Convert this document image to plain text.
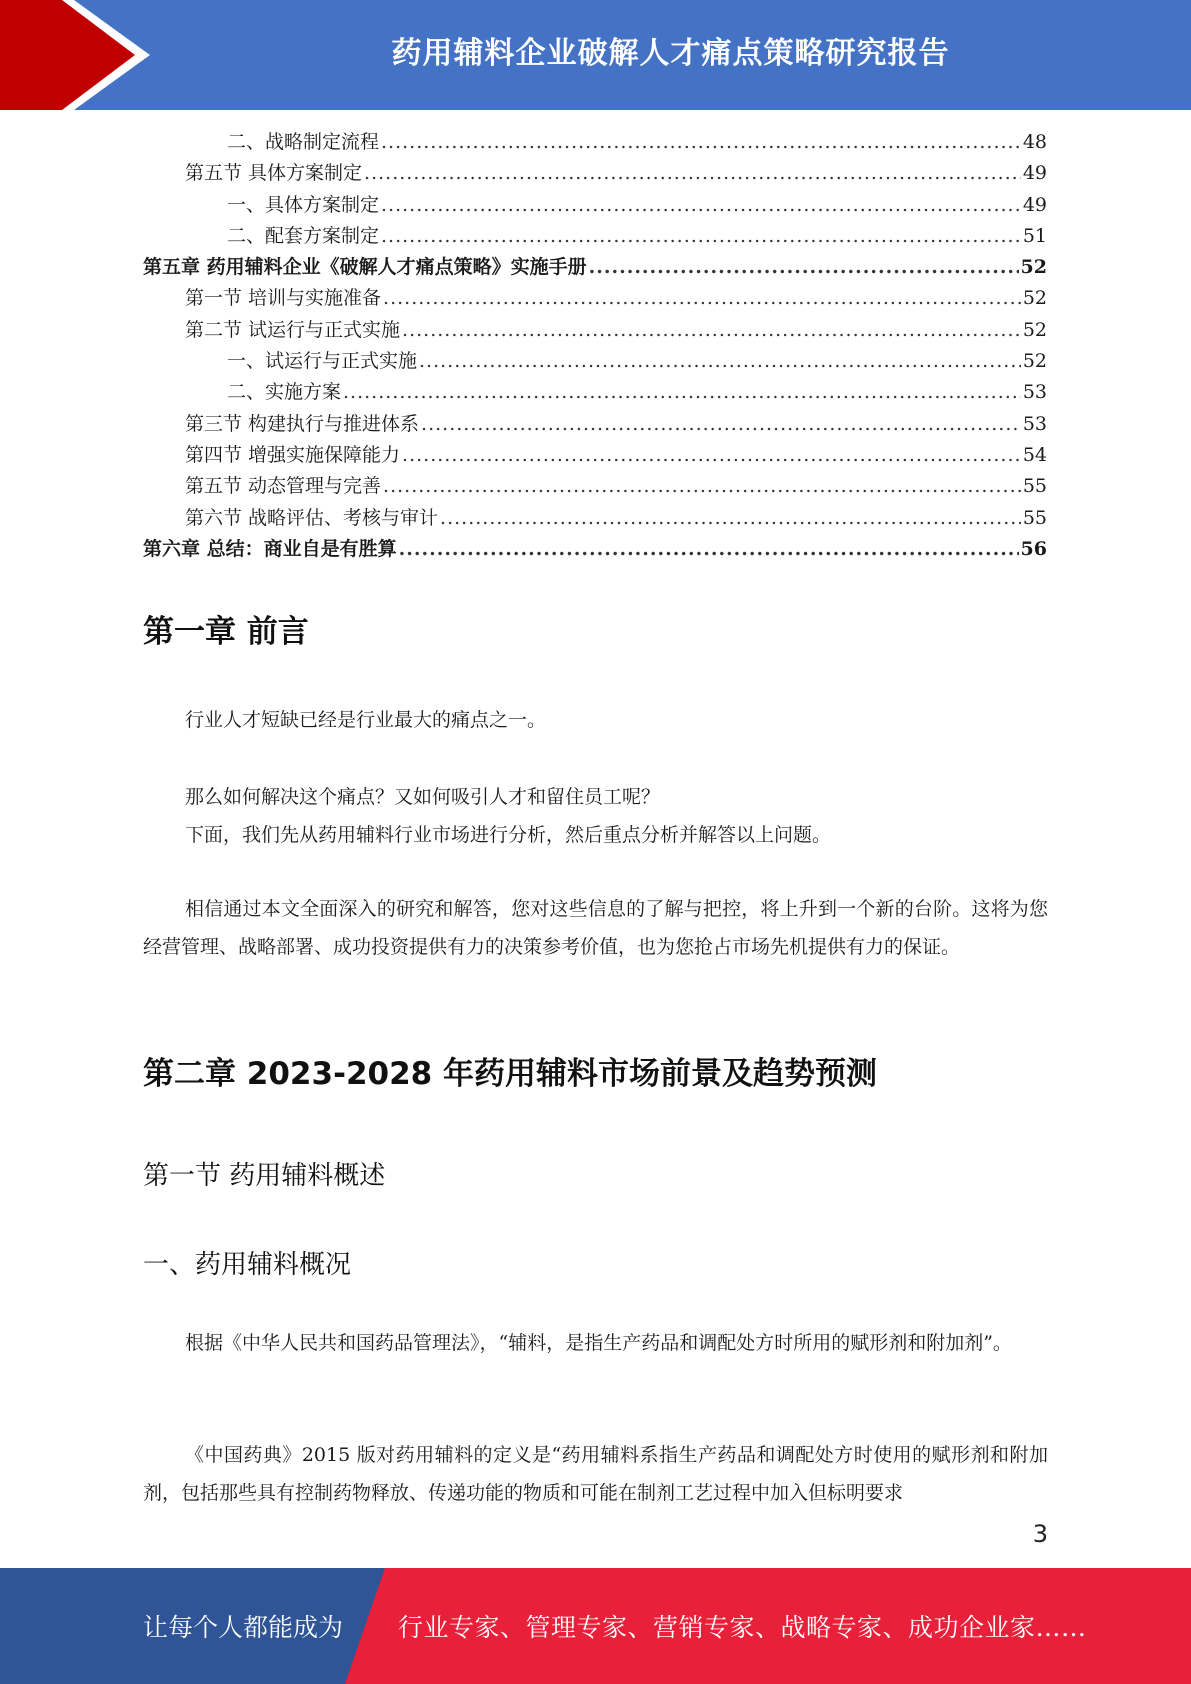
药用辅料企业破解人才痛点策略研究报告
二、战略制定流程 .....	48
第五节 具体方案制定 .....	49
一、具体方案制定 .....	49
二、配套方案制定 .....	51
第五章 药用辅料企业《破解人才痛点策略》实施手册 .....	52
第一节 培训与实施准备 .....	52
第二节 试运行与正式实施 .....	52
一、试运行与正式实施 .....	52
二、实施方案 .....	53
第三节 构建执行与推进体系 .....	53
第四节 增强实施保障能力 .....	54
第五节 动态管理与完善 .....	55
第六节 战略评估、考核与审计 .....	55
第六章 总结：商业自是有胜算 .....	56
第一章 前言

行业人才短缺已经是行业最大的痛点之一。

那么如何解决这个痛点？又如何吸引人才和留住员工呢？

下面，我们先从药用辅料行业市场进行分析，然后重点分析并解答以上问题。

相信通过本文全面深入的研究和解答，您对这些信息的了解与把控，将上升到一个新的台阶。这将为您经营管理、战略部署、成功投资提供有力的决策参考价值，也为您抢占市场先机提供有力的保证。

第二章 2023-2028 年药用辅料市场前景及趋势预测
第一节 药用辅料概述
一、药用辅料概况

根据《中华人民共和国药品管理法》，“辅料，是指生产药品和调配处方时所用的赋形剂和附加剂”。

《中国药典》2015 版对药用辅料的定义是“药用辅料系指生产药品和调配处方时使用的赋形剂和附加剂，包括那些具有控制药物释放、传递功能的物质和可能在制剂工艺过程中加入但标明要求

3
让每个人都能成为 行业专家、管理专家、营销专家、战略专家、成功企业家……
